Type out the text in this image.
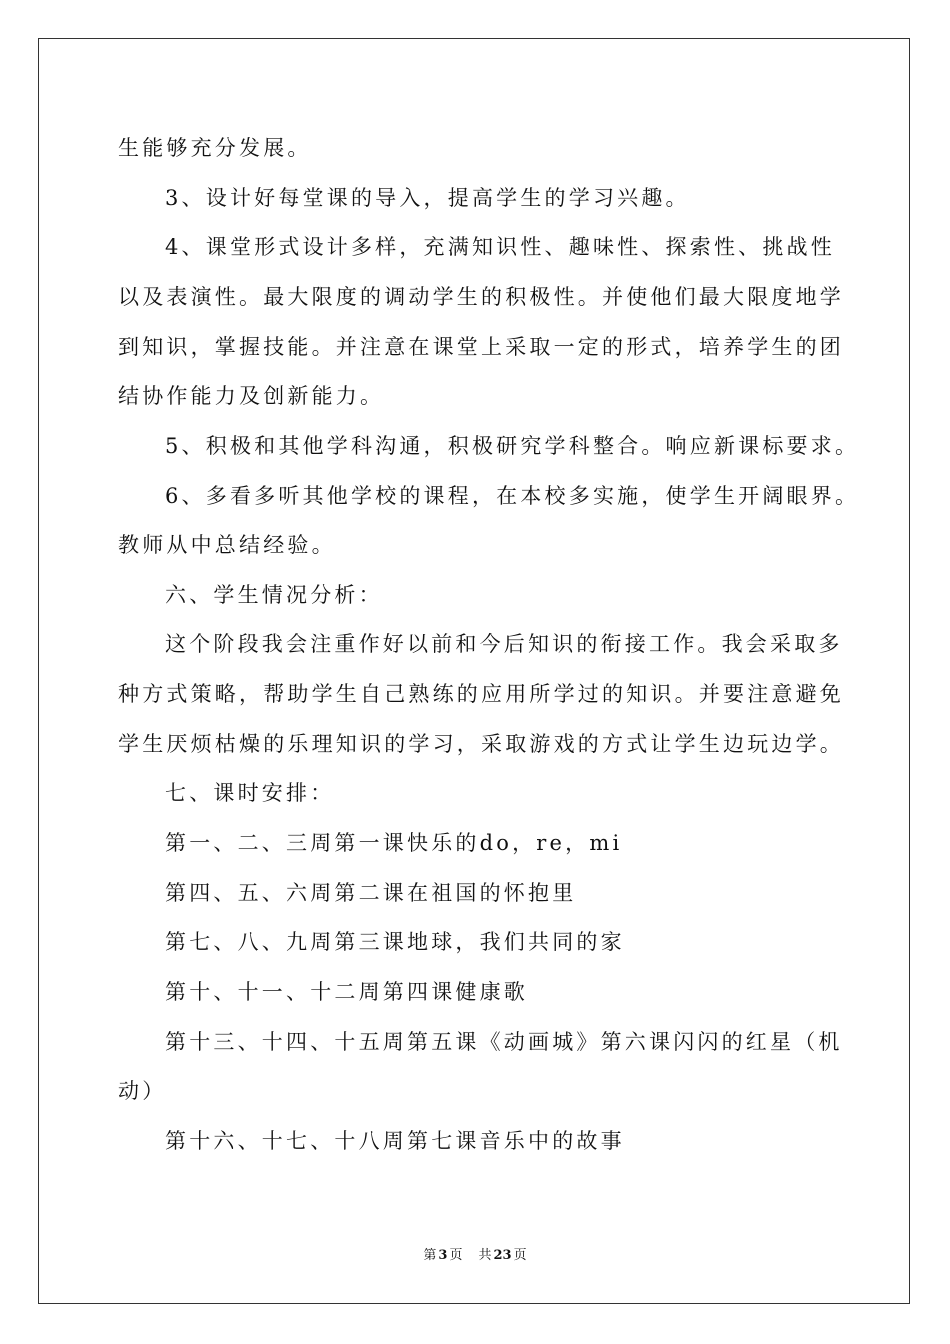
生能够充分发展。
3、设计好每堂课的导入，提高学生的学习兴趣。
4、课堂形式设计多样，充满知识性、趣味性、探索性、挑战性
以及表演性。最大限度的调动学生的积极性。并使他们最大限度地学
到知识，掌握技能。并注意在课堂上采取一定的形式，培养学生的团
结协作能力及创新能力。
5、积极和其他学科沟通，积极研究学科整合。响应新课标要求。
6、多看多听其他学校的课程，在本校多实施，使学生开阔眼界。
教师从中总结经验。
六、学生情况分析：
这个阶段我会注重作好以前和今后知识的衔接工作。我会采取多
种方式策略，帮助学生自己熟练的应用所学过的知识。并要注意避免
学生厌烦枯燥的乐理知识的学习，采取游戏的方式让学生边玩边学。
七、课时安排：
第一、二、三周第一课快乐的do，re，mi
第四、五、六周第二课在祖国的怀抱里
第七、八、九周第三课地球，我们共同的家
第十、十一、十二周第四课健康歌
第十三、十四、十五周第五课《动画城》第六课闪闪的红星（机
动）
第十六、十七、十八周第七课音乐中的故事
第 3 页 共 23 页
